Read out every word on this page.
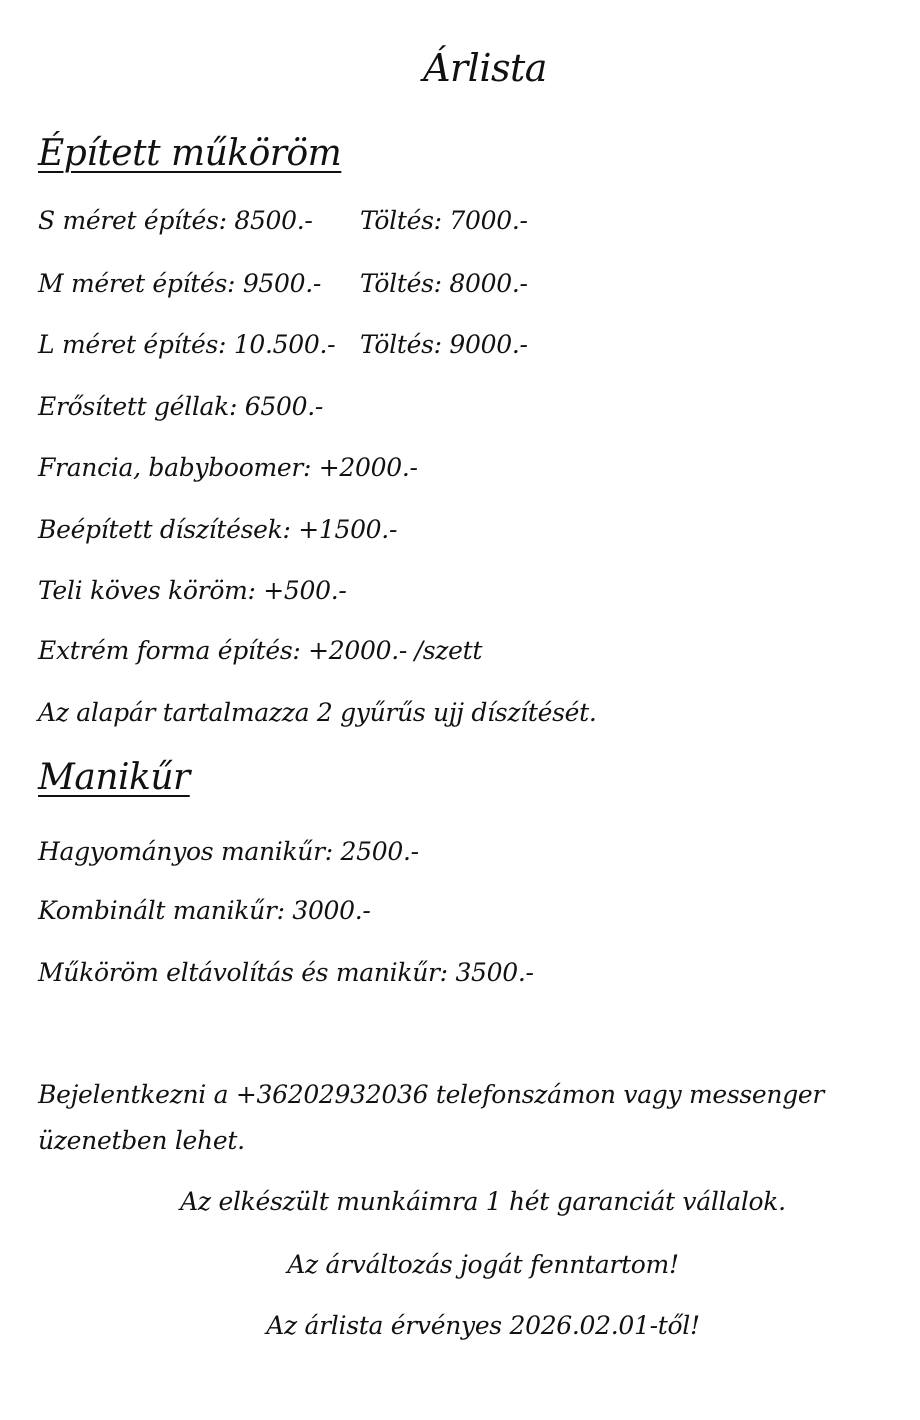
Árlista
Épített műköröm
S méret építés: 8500.- Töltés: 7000.-
M méret építés: 9500.- Töltés: 8000.-
L méret építés: 10.500.- Töltés: 9000.-
Erősített géllak: 6500.-
Francia, babyboomer: +2000.-
Beépített díszítések: +1500.-
Teli köves köröm: +500.-
Extrém forma építés: +2000.- /szett
Az alapár tartalmazza 2 gyűrűs ujj díszítését.
Manikűr
Hagyományos manikűr: 2500.-
Kombinált manikűr: 3000.-
Műköröm eltávolítás és manikűr: 3500.-
Bejelentkezni a +36202932036 telefonszámon vagy messenger üzenetben lehet.
Az elkészült munkáimra 1 hét garanciát vállalok.
Az árváltozás jogát fenntartom!
Az árlista érvényes 2026.02.01-től!
